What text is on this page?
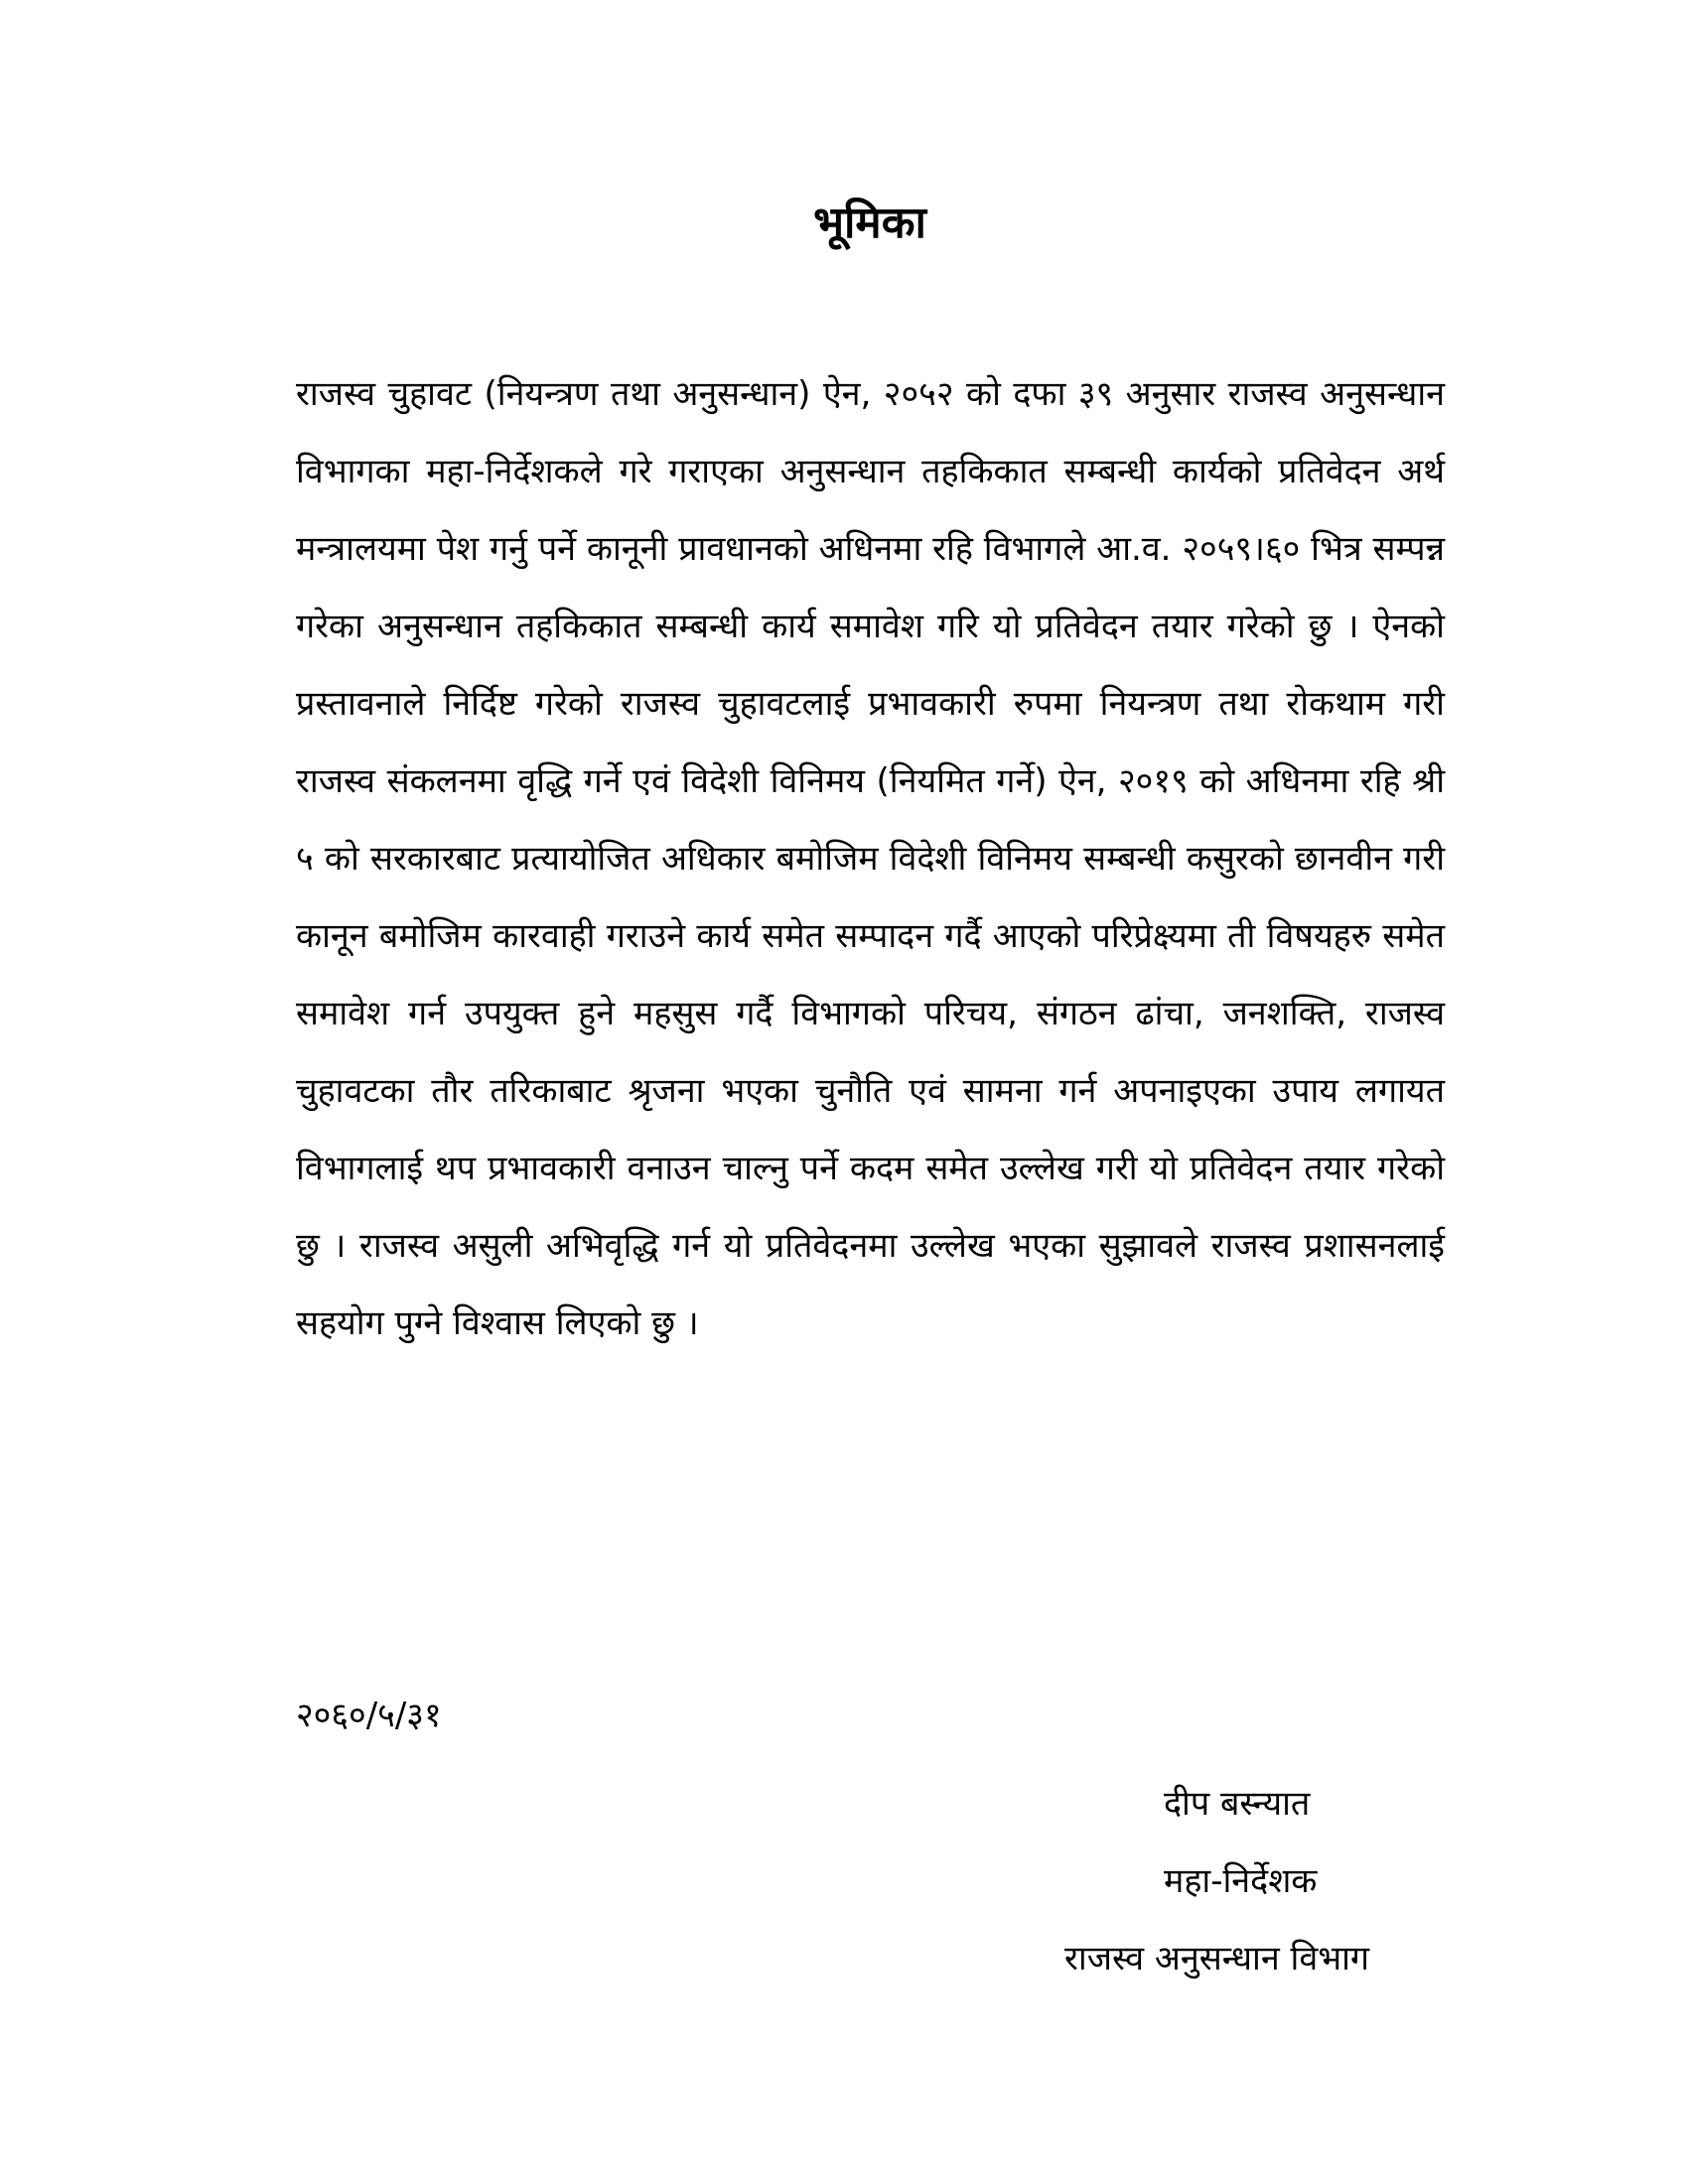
भूमिका

राजस्व चुहावट (नियन्त्रण तथा अनुसन्धान) ऐन, २०५२ को दफा ३९ अनुसार राजस्व अनुसन्धान विभागका महा-निर्देशकले गरे गराएका अनुसन्धान तहकिकात सम्बन्धी कार्यको प्रतिवेदन अर्थ मन्त्रालयमा पेश गर्नु पर्ने कानूनी प्रावधानको अधिनमा रहि विभागले आ.व. २०५९।६० भित्र सम्पन्न गरेका अनुसन्धान तहकिकात सम्बन्धी कार्य समावेश गरि यो प्रतिवेदन तयार गरेको छु । ऐनको प्रस्तावनाले निर्दिष्ट गरेको राजस्व चुहावटलाई प्रभावकारी रुपमा नियन्त्रण तथा रोकथाम गरी राजस्व संकलनमा वृद्धि गर्ने एवं विदेशी विनिमय (नियमित गर्ने) ऐन, २०१९ को अधिनमा रहि श्री ५ को सरकारबाट प्रत्यायोजित अधिकार बमोजिम विदेशी विनिमय सम्बन्धी कसुरको छानवीन गरी कानून बमोजिम कारवाही गराउने कार्य समेत सम्पादन गर्दै आएको परिप्रेक्ष्यमा ती विषयहरु समेत समावेश गर्न उपयुक्त हुने महसुस गर्दै विभागको परिचय, संगठन ढांचा, जनशक्ति, राजस्व चुहावटका तौर तरिकाबाट श्रृजना भएका चुनौति एवं सामना गर्न अपनाइएका उपाय लगायत विभागलाई थप प्रभावकारी वनाउन चाल्नु पर्ने कदम समेत उल्लेख गरी यो प्रतिवेदन तयार गरेको छु । राजस्व असुली अभिवृद्धि गर्न यो प्रतिवेदनमा उल्लेख भएका सुझावले राजस्व प्रशासनलाई सहयोग पुग्ने विश्वास लिएको छु ।

२०६०/५/३१
दीप बस्न्यात
महा-निर्देशक
राजस्व अनुसन्धान विभाग
